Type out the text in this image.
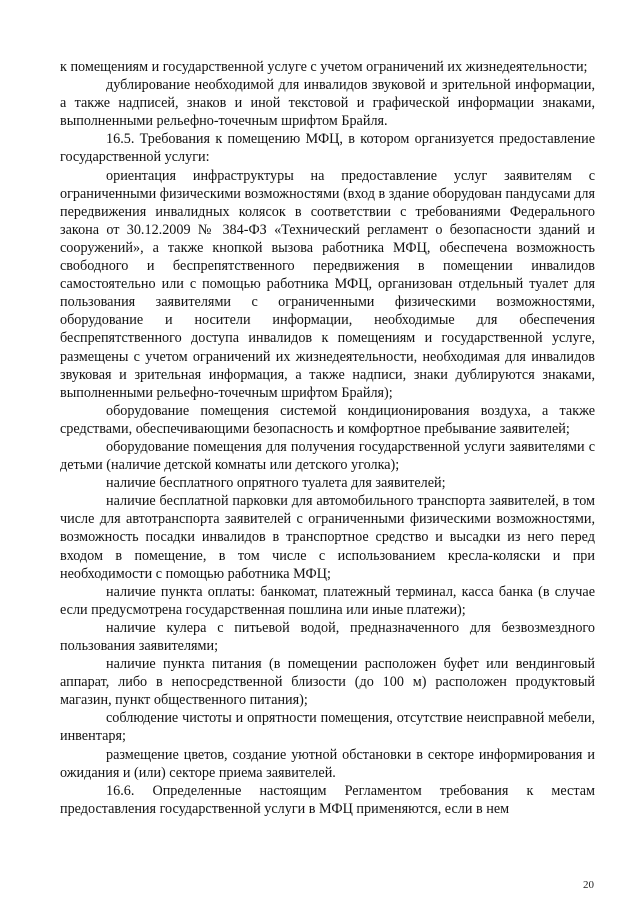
к помещениям и государственной услуге с учетом ограничений их жизнедеятельности;

дублирование необходимой для инвалидов звуковой и зрительной информации, а также надписей, знаков и иной текстовой и графической информации знаками, выполненными рельефно-точечным шрифтом Брайля.

16.5. Требования к помещению МФЦ, в котором организуется предоставление государственной услуги:

ориентация инфраструктуры на предоставление услуг заявителям с ограниченными физическими возможностями (вход в здание оборудован пандусами для передвижения инвалидных колясок в соответствии с требованиями Федерального закона от 30.12.2009 № 384-ФЗ «Технический регламент о безопасности зданий и сооружений», а также кнопкой вызова работника МФЦ, обеспечена возможность свободного и беспрепятственного передвижения в помещении инвалидов самостоятельно или с помощью работника МФЦ, организован отдельный туалет для пользования заявителями с ограниченными физическими возможностями, оборудование и носители информации, необходимые для обеспечения беспрепятственного доступа инвалидов к помещениям и государственной услуге, размещены с учетом ограничений их жизнедеятельности, необходимая для инвалидов звуковая и зрительная информация, а также надписи, знаки дублируются знаками, выполненными рельефно-точечным шрифтом Брайля);

оборудование помещения системой кондиционирования воздуха, а также средствами, обеспечивающими безопасность и комфортное пребывание заявителей;

оборудование помещения для получения государственной услуги заявителями с детьми (наличие детской комнаты или детского уголка);

наличие бесплатного опрятного туалета для заявителей;

наличие бесплатной парковки для автомобильного транспорта заявителей, в том числе для автотранспорта заявителей с ограниченными физическими возможностями, возможность посадки инвалидов в транспортное средство и высадки из него перед входом в помещение, в том числе с использованием кресла-коляски и при необходимости с помощью работника МФЦ;

наличие пункта оплаты: банкомат, платежный терминал, касса банка (в случае если предусмотрена государственная пошлина или иные платежи);

наличие кулера с питьевой водой, предназначенного для безвозмездного пользования заявителями;

наличие пункта питания (в помещении расположен буфет или вендинговый аппарат, либо в непосредственной близости (до 100 м) расположен продуктовый магазин, пункт общественного питания);

соблюдение чистоты и опрятности помещения, отсутствие неисправной мебели, инвентаря;

размещение цветов, создание уютной обстановки в секторе информирования и ожидания и (или) секторе приема заявителей.

16.6. Определенные настоящим Регламентом требования к местам предоставления государственной услуги в МФЦ применяются, если в нем

20
